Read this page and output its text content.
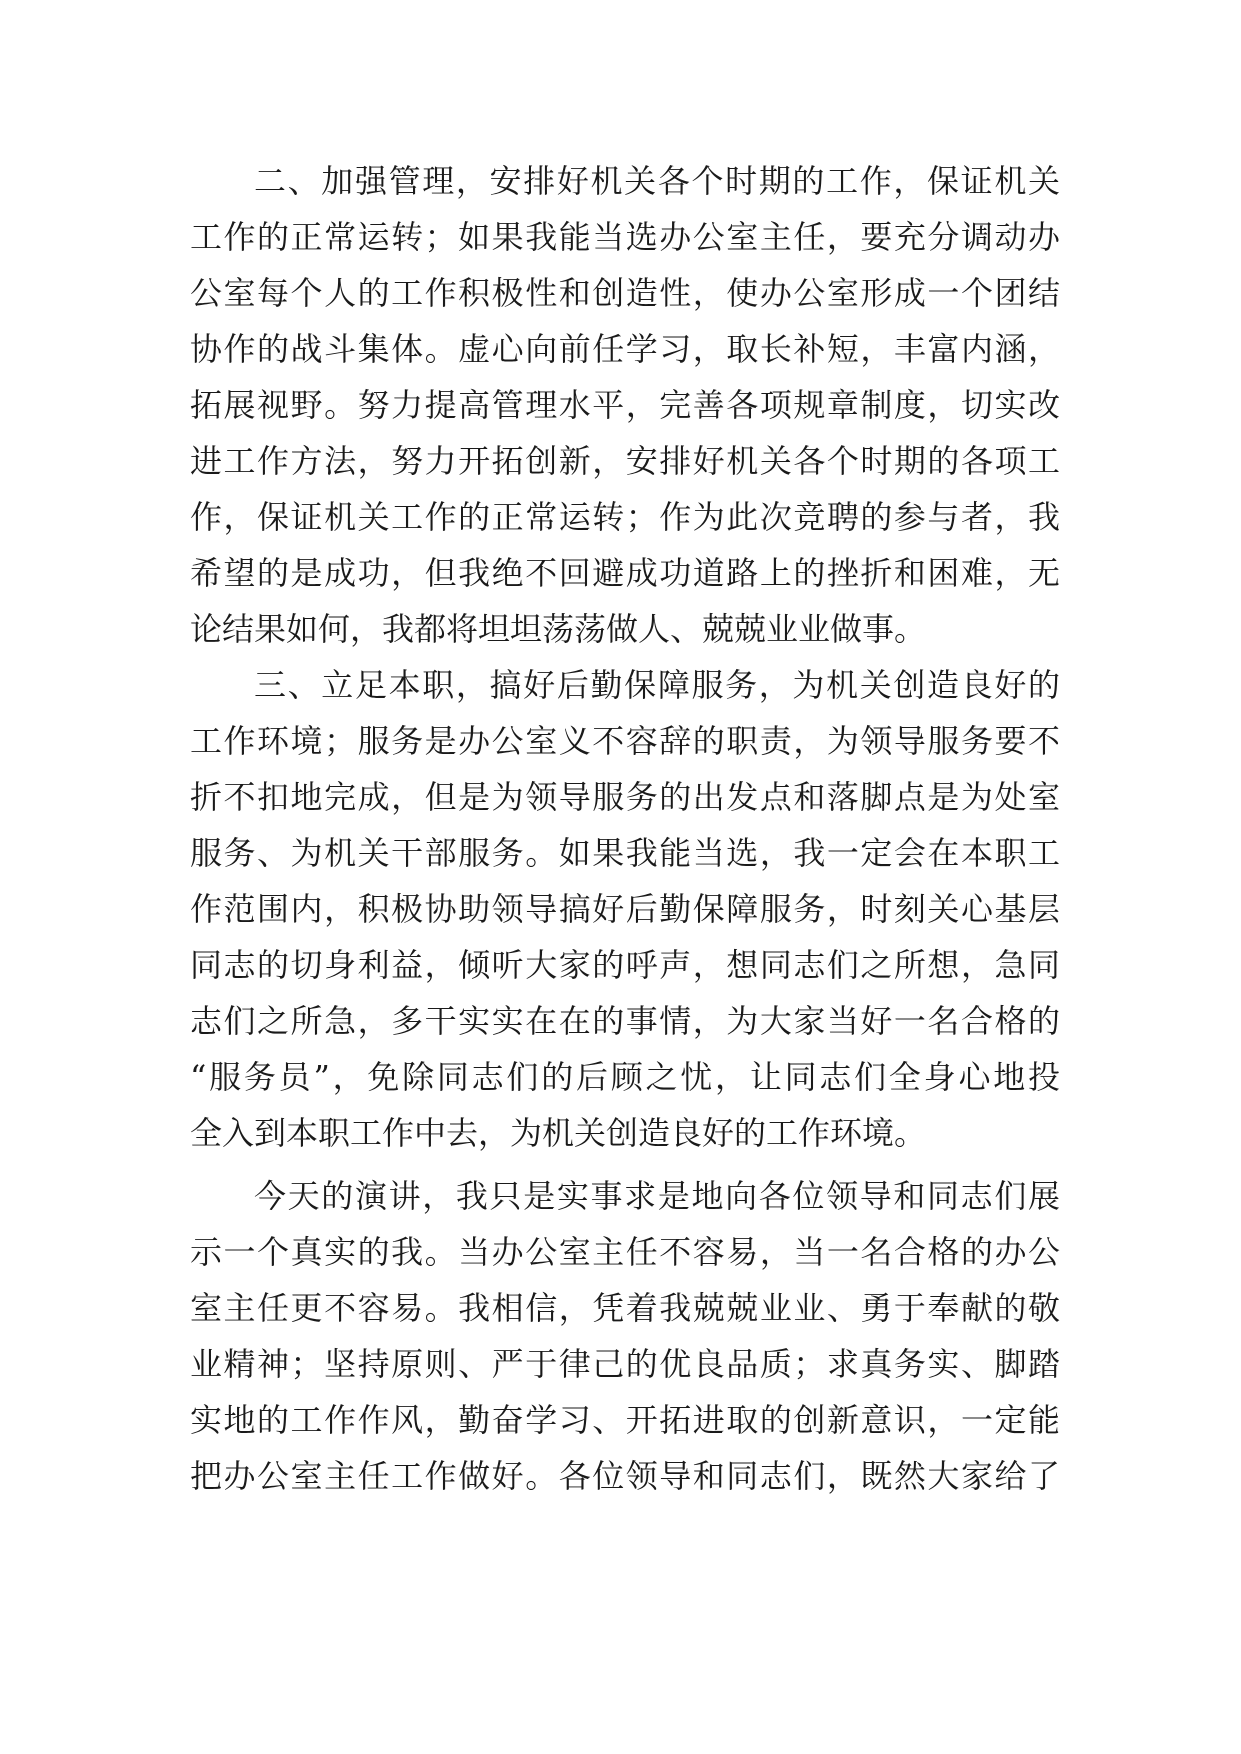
二、加强管理，安排好机关各个时期的工作，保证机关
工作的正常运转；如果我能当选办公室主任，要充分调动办
公室每个人的工作积极性和创造性，使办公室形成一个团结
协作的战斗集体。虚心向前任学习，取长补短，丰富内涵，
拓展视野。努力提高管理水平，完善各项规章制度，切实改
进工作方法，努力开拓创新，安排好机关各个时期的各项工
作，保证机关工作的正常运转；作为此次竞聘的参与者，我
希望的是成功，但我绝不回避成功道路上的挫折和困难，无
论结果如何，我都将坦坦荡荡做人、兢兢业业做事。
三、立足本职，搞好后勤保障服务，为机关创造良好的
工作环境；服务是办公室义不容辞的职责，为领导服务要不
折不扣地完成，但是为领导服务的出发点和落脚点是为处室
服务、为机关干部服务。如果我能当选，我一定会在本职工
作范围内，积极协助领导搞好后勤保障服务，时刻关心基层
同志的切身利益，倾听大家的呼声，想同志们之所想，急同
志们之所急，多干实实在在的事情，为大家当好一名合格的
“服务员”，免除同志们的后顾之忧，让同志们全身心地投
全入到本职工作中去，为机关创造良好的工作环境。
今天的演讲，我只是实事求是地向各位领导和同志们展
示一个真实的我。当办公室主任不容易，当一名合格的办公
室主任更不容易。我相信，凭着我兢兢业业、勇于奉献的敬
业精神；坚持原则、严于律己的优良品质；求真务实、脚踏
实地的工作作风，勤奋学习、开拓进取的创新意识，一定能
把办公室主任工作做好。各位领导和同志们，既然大家给了
